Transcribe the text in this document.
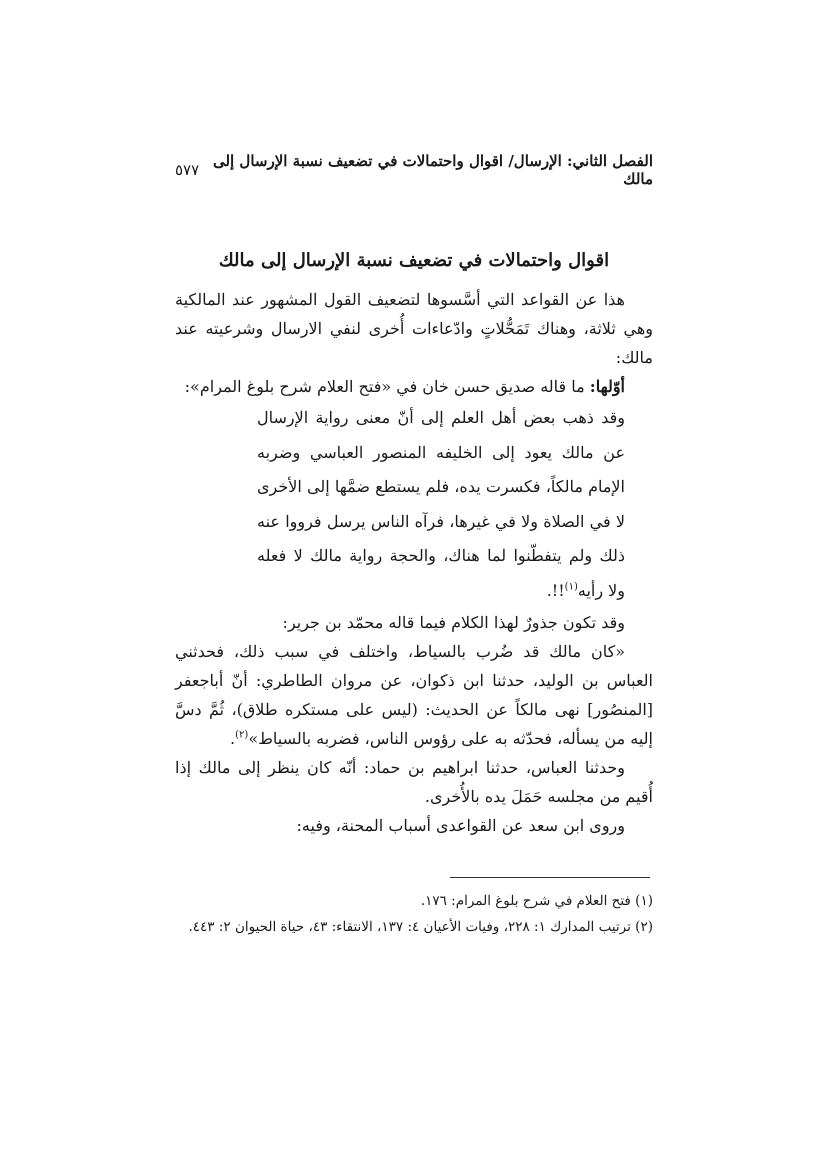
الفصل الثاني: الإرسال/ اقوال واحتمالات في تضعيف نسبة الإرسال إلى مالك
٥٧٧
اقوال واحتمالات في تضعيف نسبة الإرسال إلى مالك

هذا عن القواعد التي أسَّسوها لتضعيف القول المشهور عند المالكية وهي ثلاثة، وهناك تَمَحُّلاتٍ وادّعاءات أُخرى لنفي الارسال وشرعيته عند مالك:

أوّلها: ما قاله صديق حسن خان في «فتح العلام شرح بلوغ المرام»:

وقد ذهب بعض أهل العلم إلى أنّ معنى رواية الإرسال عن مالك يعود إلى الخليفه المنصور العباسي وضربه الإمام مالكاً، فكسرت يده، فلم يستطع ضمَّها إلى الأخرى لا في الصلاة ولا في غيرها، فرآه الناس يرسل فرووا عنه ذلك ولم يتفطّنوا لما هناك، والحجة رواية مالك لا فعله ولا رأيه$^{(١)}$!!.

وقد تكون جذورٌ لهذا الكلام فيما قاله محمّد بن جرير:

«كان مالك قد ضُرب بالسياط، واختلف في سبب ذلك، فحدثني العباس بن الوليد، حدثنا ابن ذكوان، عن مروان الطاطري: أنّ أباجعفر [المنصُور] نهى مالكاً عن الحديث: (ليس على مستكره طلاق)، ثُمَّ دسَّ إليه من يسأله، فحدّثه به على رؤوس الناس، فضربه بالسياط»$^{(٢)}$.

وحدثنا العباس، حدثنا ابراهيم بن حماد: أنّه كان ينظر إلى مالك إذا أُقيم من مجلسه حَمَلَ يده بالأُخرى.

وروى ابن سعد عن القواعدى أسباب المحنة، وفيه:

(١) فتح العلام في شرح بلوغ المرام: ١٧٦.

(٢) ترتيب المدارك ١: ٢٢٨، وفيات الأعيان ٤: ١٣٧، الانتقاء: ٤٣، حياة الحيوان ٢: ٤٤٣.
